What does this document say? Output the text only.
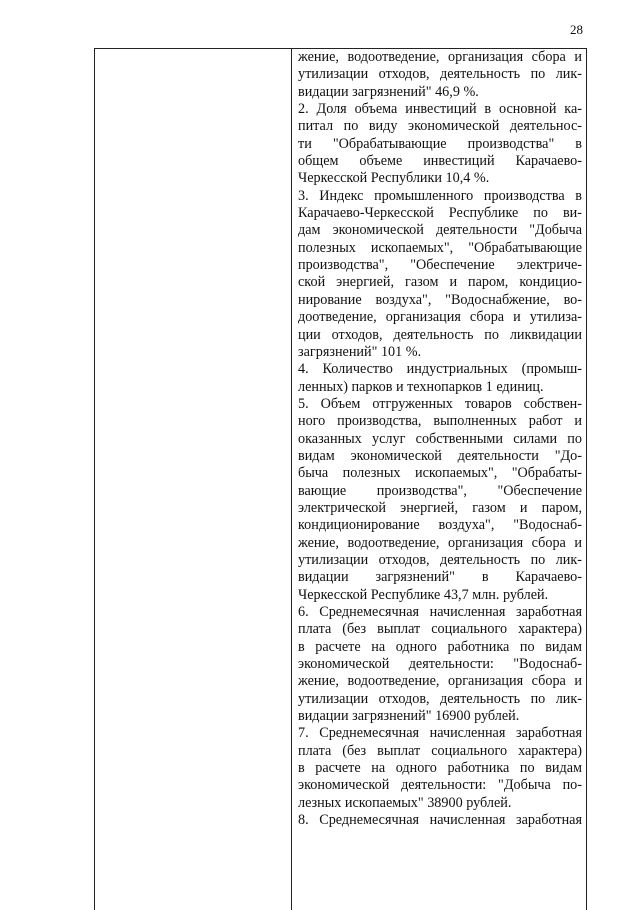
28
жение, водоотведение, организация сбора и
утилизации отходов, деятельность по лик-
видации загрязнений" 46,9 %.
2. Доля объема инвестиций в основной ка-
питал по виду экономической деятельнос-
ти "Обрабатывающие производства" в
общем объеме инвестиций Карачаево-
Черкесской Республики 10,4 %.
3. Индекс промышленного производства в
Карачаево-Черкесской Республике по ви-
дам экономической деятельности "Добыча
полезных ископаемых", "Обрабатывающие
производства", "Обеспечение электриче-
ской энергией, газом и паром, кондицио-
нирование воздуха", "Водоснабжение, во-
доотведение, организация сбора и утилиза-
ции отходов, деятельность по ликвидации
загрязнений" 101 %.
4. Количество индустриальных (промыш-
ленных) парков и технопарков 1 единиц.
5. Объем отгруженных товаров собствен-
ного производства, выполненных работ и
оказанных услуг собственными силами по
видам экономической деятельности "До-
быча полезных ископаемых", "Обрабаты-
вающие производства", "Обеспечение
электрической энергией, газом и паром,
кондиционирование воздуха", "Водоснаб-
жение, водоотведение, организация сбора и
утилизации отходов, деятельность по лик-
видации загрязнений" в Карачаево-
Черкесской Республике 43,7 млн. рублей.
6. Среднемесячная начисленная заработная
плата (без выплат социального характера)
в расчете на одного работника по видам
экономической деятельности: "Водоснаб-
жение, водоотведение, организация сбора и
утилизации отходов, деятельность по лик-
видации загрязнений" 16900 рублей.
7. Среднемесячная начисленная заработная
плата (без выплат социального характера)
в расчете на одного работника по видам
экономической деятельности: "Добыча по-
лезных ископаемых" 38900 рублей.
8. Среднемесячная начисленная заработная
